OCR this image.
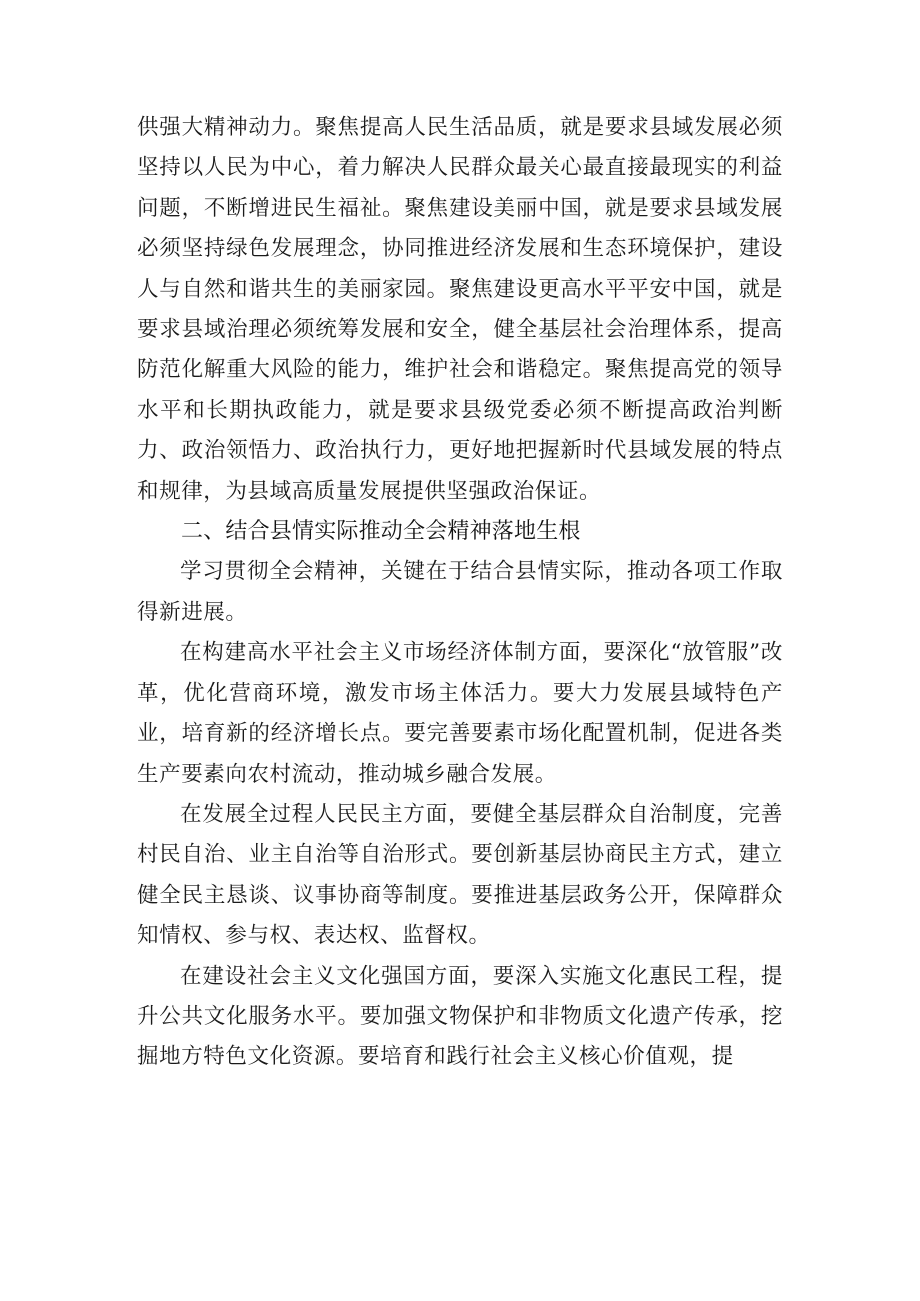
供强大精神动力。聚焦提高人民生活品质，就是要求县域发展必须坚持以人民为中心，着力解决人民群众最关心最直接最现实的利益问题，不断增进民生福祉。聚焦建设美丽中国，就是要求县域发展必须坚持绿色发展理念，协同推进经济发展和生态环境保护，建设人与自然和谐共生的美丽家园。聚焦建设更高水平平安中国，就是要求县域治理必须统筹发展和安全，健全基层社会治理体系，提高防范化解重大风险的能力，维护社会和谐稳定。聚焦提高党的领导水平和长期执政能力，就是要求县级党委必须不断提高政治判断力、政治领悟力、政治执行力，更好地把握新时代县域发展的特点和规律，为县域高质量发展提供坚强政治保证。

二、结合县情实际推动全会精神落地生根

学习贯彻全会精神，关键在于结合县情实际，推动各项工作取得新进展。

在构建高水平社会主义市场经济体制方面，要深化“放管服”改革，优化营商环境，激发市场主体活力。要大力发展县域特色产业，培育新的经济增长点。要完善要素市场化配置机制，促进各类生产要素向农村流动，推动城乡融合发展。

在发展全过程人民民主方面，要健全基层群众自治制度，完善村民自治、业主自治等自治形式。要创新基层协商民主方式，建立健全民主恳谈、议事协商等制度。要推进基层政务公开，保障群众知情权、参与权、表达权、监督权。

在建设社会主义文化强国方面，要深入实施文化惠民工程，提升公共文化服务水平。要加强文物保护和非物质文化遗产传承，挖掘地方特色文化资源。要培育和践行社会主义核心价值观，提
